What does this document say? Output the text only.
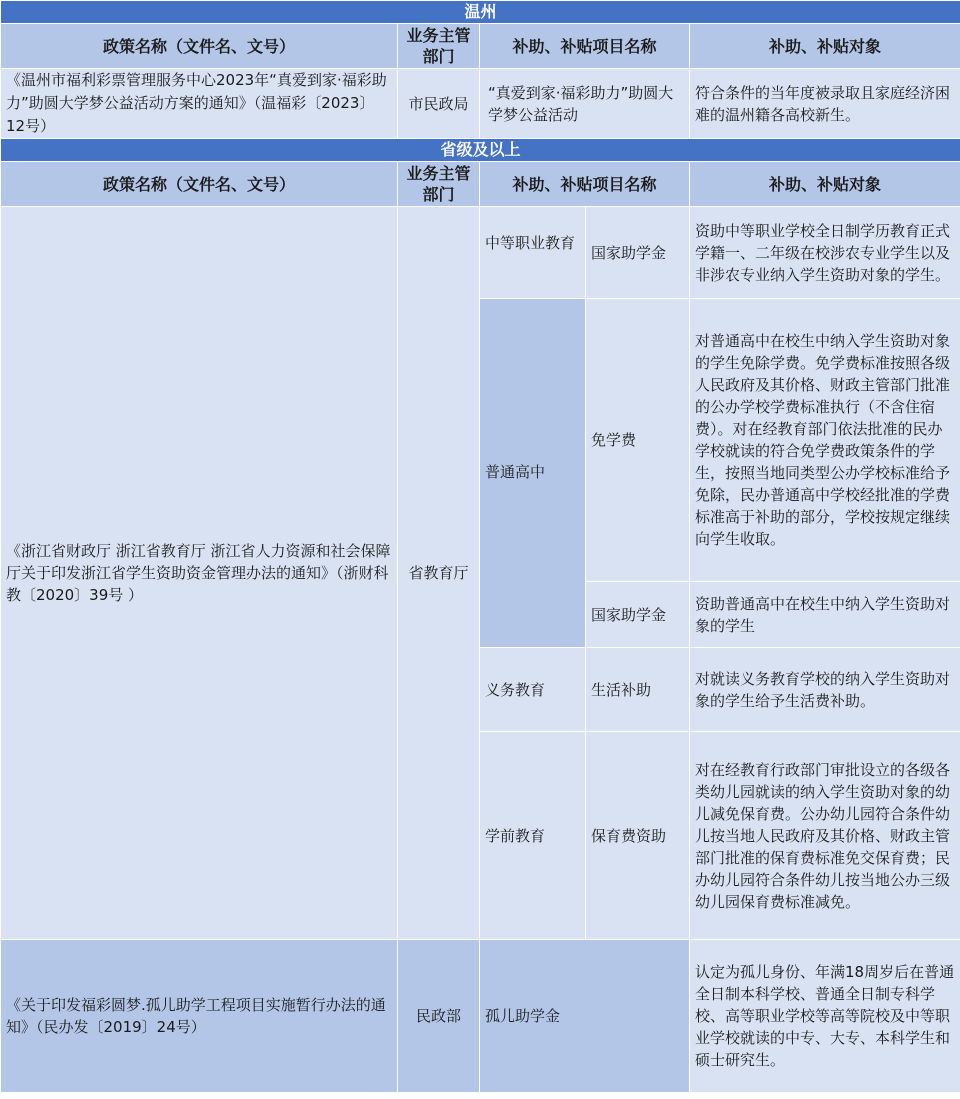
温州				
政策名称（文件名、文号）	业务主管部门	补助、补贴项目名称		补助、补贴对象
《温州市福利彩票管理服务中心2023年“真爱到家·福彩助力”助圆大学梦公益活动方案的通知》（温福彩〔2023〕12号）	市民政局	“真爱到家·福彩助力”助圆大学梦公益活动		符合条件的当年度被录取且家庭经济困难的温州籍各高校新生。
省级及以上				
政策名称（文件名、文号）	业务主管部门	补助、补贴项目名称		补助、补贴对象
《浙江省财政厅 浙江省教育厅 浙江省人力资源和社会保障厅关于印发浙江省学生资助资金管理办法的通知》（浙财科教〔2020〕39号 ）	省教育厅	中等职业教育	国家助学金	资助中等职业学校全日制学历教育正式学籍一、二年级在校涉农专业学生以及非涉农专业纳入学生资助对象的学生。
		普通高中	免学费	对普通高中在校生中纳入学生资助对象的学生免除学费。免学费标准按照各级人民政府及其价格、财政主管部门批准的公办学校学费标准执行（不含住宿费）。对在经教育部门依法批准的民办学校就读的符合免学费政策条件的学生，按照当地同类型公办学校标准给予免除，民办普通高中学校经批准的学费标准高于补助的部分，学校按规定继续向学生收取。
			国家助学金	资助普通高中在校生中纳入学生资助对象的学生
		义务教育	生活补助	对就读义务教育学校的纳入学生资助对象的学生给予生活费补助。
		学前教育	保育费资助	对在经教育行政部门审批设立的各级各类幼儿园就读的纳入学生资助对象的幼儿减免保育费。公办幼儿园符合条件幼儿按当地人民政府及其价格、财政主管部门批准的保育费标准免交保育费；民办幼儿园符合条件幼儿按当地公办三级幼儿园保育费标准减免。
《关于印发福彩圆梦.孤儿助学工程项目实施暂行办法的通知》（民办发〔2019〕24号）	民政部	孤儿助学金		认定为孤儿身份、年满18周岁后在普通全日制本科学校、普通全日制专科学校、高等职业学校等高等院校及中等职业学校就读的中专、大专、本科学生和硕士研究生。
